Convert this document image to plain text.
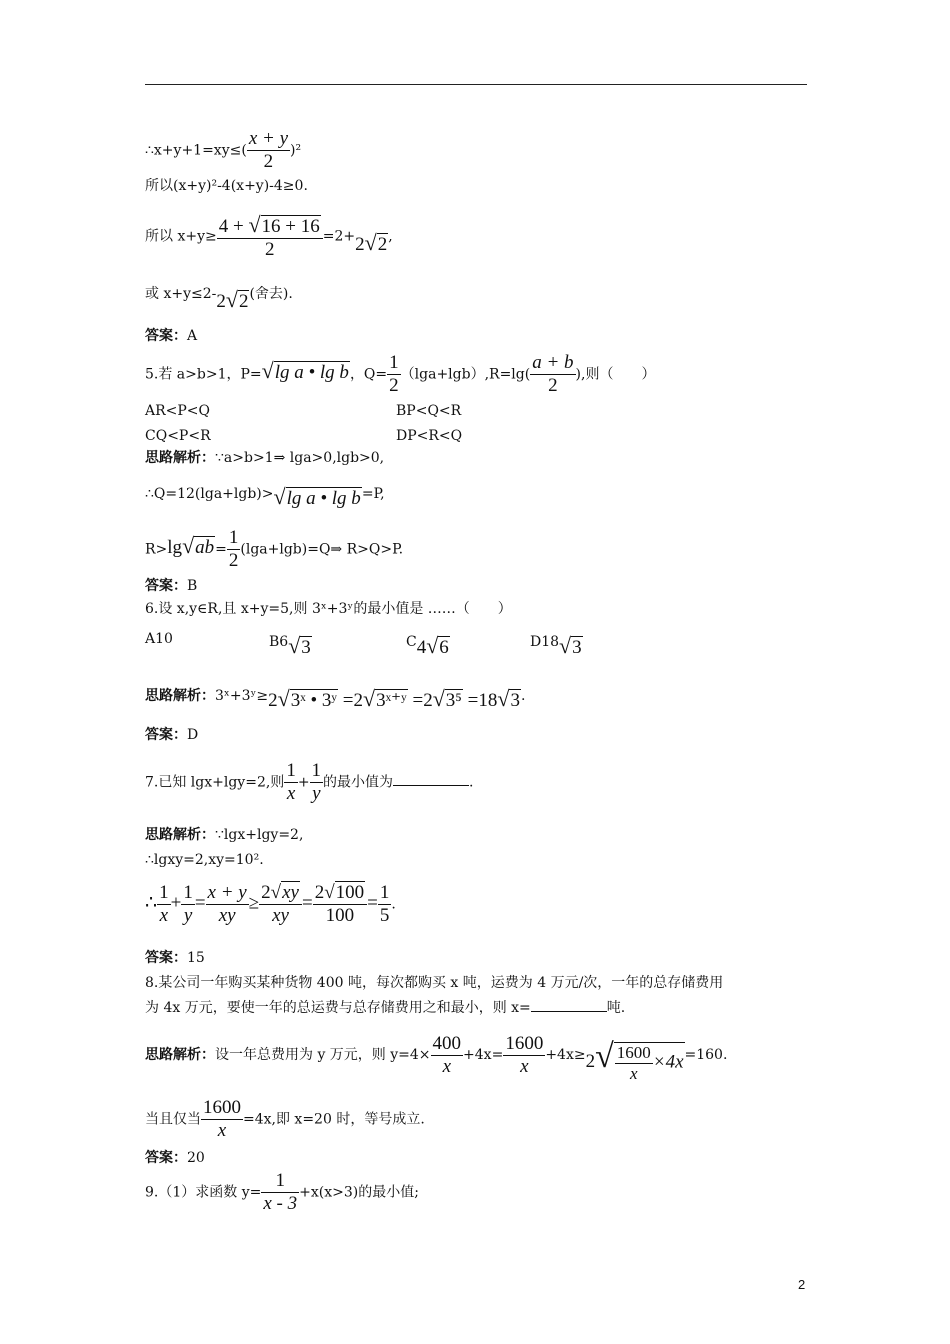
∴x+y+1=xy≤( $\frac{x + y}{2} )^2$
所以(x+y)²-4(x+y)-4≥0.
所以 $x+y\ge \frac{4 + √16 + 16}{2} =2+2√2$,
或 x+y≤2-2√2(舍去).
答案：A
5.若 a>b>1，P=√lg a • lg b，$Q= \frac{1}{2} (\lg a+\lg b),R=\lg( \frac{a + b}{2}$ ),则（　　）
AR<P<Q	BP<Q<R
CQ<P<R	DP<R<Q
思路解析：∵a>b>1⇒ lga>0,lgb>0,
∴Q=12(lga+lgb)>√lg a • lg b=P,
$R>\lg√ab= \frac{1}{2}$ (lga+lgb)=Q⇒ R>Q>P.
答案：B
6.设 x,y∈R,且 x+y=5,则 3ˣ+3ʸ的最小值是 ……（　　）
A10	B6√3	C4√6	D18√3
思路解析：3ˣ+3ʸ≥2√3ˣ • 3ʸ =2√3ˣ⁺ʸ =2√3⁵ =18√3.
答案：D
7.已知 lgx+lgy=2,则 $\frac{1}{x} + \frac{1}{y}$ 的最小值为	.
思路解析：∵lgx+lgy=2,
∴lgxy=2,xy=10².
∴ $\frac{1}{x} + \frac{1}{y} = \frac{x + y}{xy} \ge \frac{2√xy}{xy} = \frac{2√100}{100} = \frac{1}{5}$ .
答案：15
8.某公司一年购买某种货物 400 吨，每次都购买 x 吨，运费为 4 万元/次，一年的总存储费用
为 4x 万元，要使一年的总运费与总存储费用之和最小，则 x=	吨.
思路解析：设一年总费用为 y 万元，则 $y=4\times \frac{400}{x} +4x= \frac{1600}{x} +4x\ge 2√ \frac{1600}{x} \times 4x=160$.
当且仅当 $\frac{1600}{x} =4x$,即 x=20 时，等号成立.
答案：20
9.（1）求函数 $y= \frac{1}{x - 3} +x(x>3)$的最小值;
2
